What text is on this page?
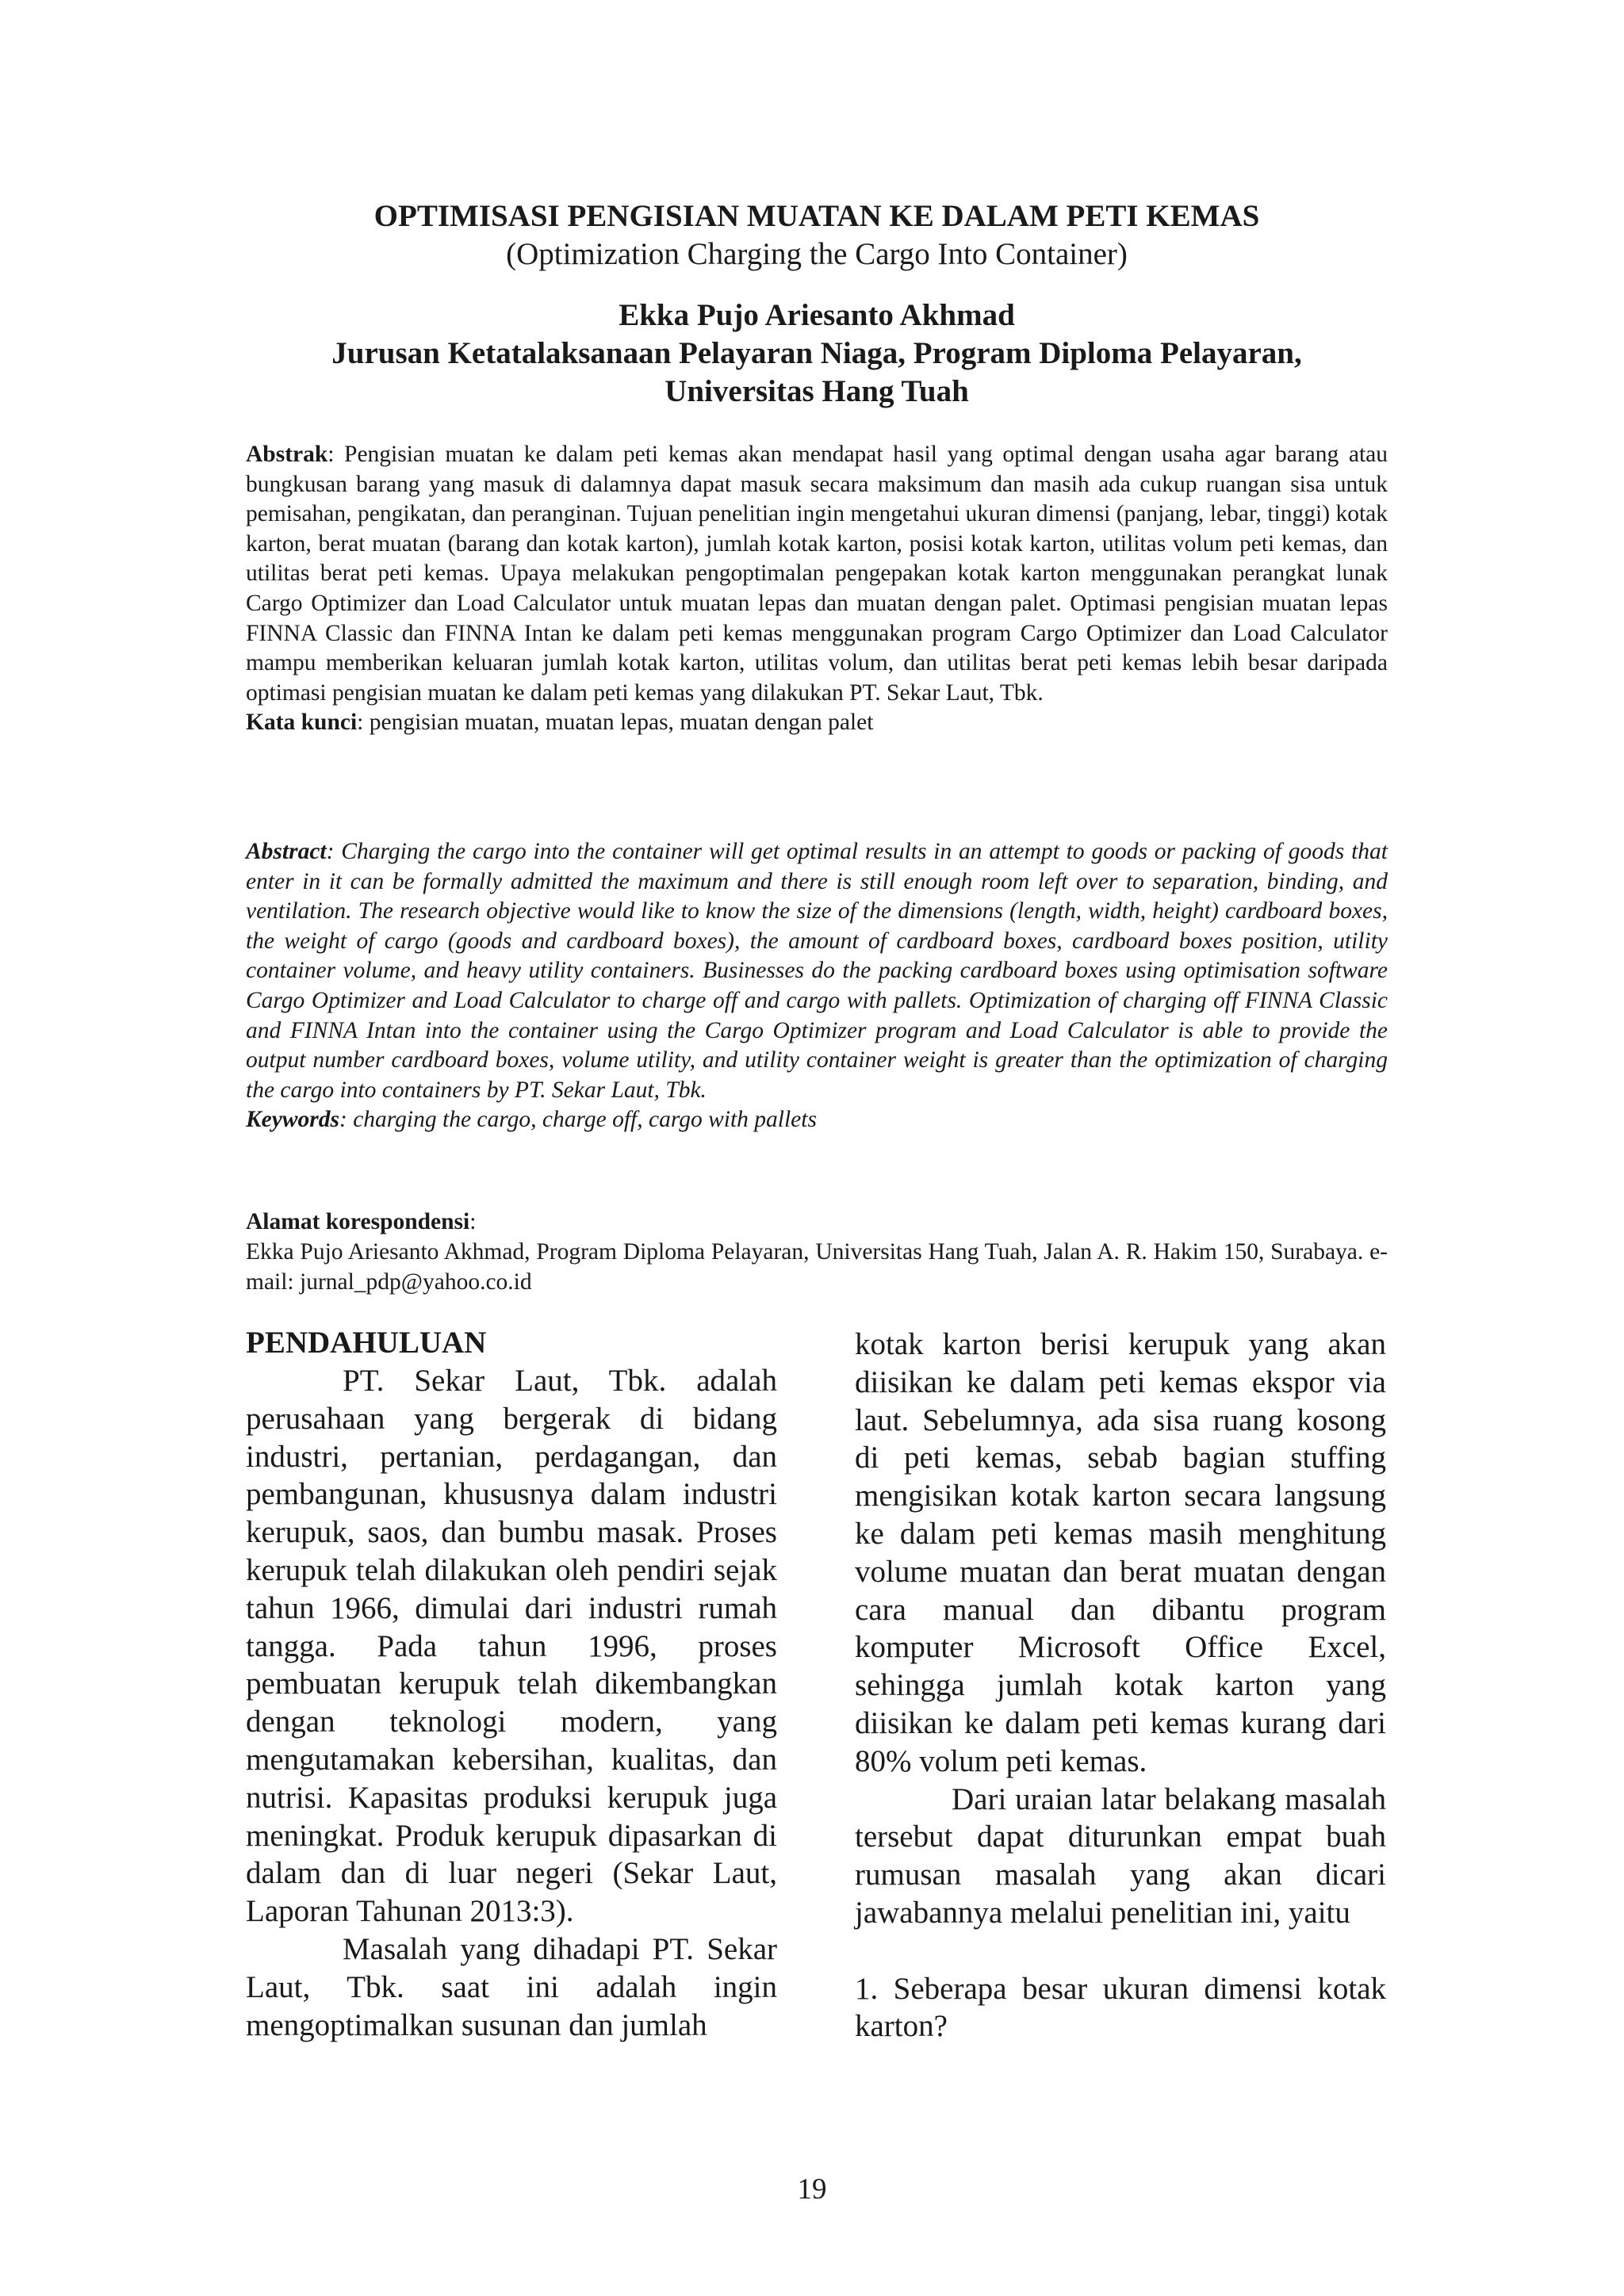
OPTIMISASI PENGISIAN MUATAN KE DALAM PETI KEMAS

(Optimization Charging the Cargo Into Container)

Ekka Pujo Ariesanto Akhmad
Jurusan Ketatalaksanaan Pelayaran Niaga, Program Diploma Pelayaran,
Universitas Hang Tuah

Abstrak: Pengisian muatan ke dalam peti kemas akan mendapat hasil yang optimal dengan usaha agar barang atau bungkusan barang yang masuk di dalamnya dapat masuk secara maksimum dan masih ada cukup ruangan sisa untuk pemisahan, pengikatan, dan peranginan. Tujuan penelitian ingin mengetahui ukuran dimensi (panjang, lebar, tinggi) kotak karton, berat muatan (barang dan kotak karton), jumlah kotak karton, posisi kotak karton, utilitas volum peti kemas, dan utilitas berat peti kemas. Upaya melakukan pengoptimalan pengepakan kotak karton menggunakan perangkat lunak Cargo Optimizer dan Load Calculator untuk muatan lepas dan muatan dengan palet. Optimasi pengisian muatan lepas FINNA Classic dan FINNA Intan ke dalam peti kemas menggunakan program Cargo Optimizer dan Load Calculator mampu memberikan keluaran jumlah kotak karton, utilitas volum, dan utilitas berat peti kemas lebih besar daripada optimasi pengisian muatan ke dalam peti kemas yang dilakukan PT. Sekar Laut, Tbk.

Kata kunci: pengisian muatan, muatan lepas, muatan dengan palet

Abstract: Charging the cargo into the container will get optimal results in an attempt to goods or packing of goods that enter in it can be formally admitted the maximum and there is still enough room left over to separation, binding, and ventilation. The research objective would like to know the size of the dimensions (length, width, height) cardboard boxes, the weight of cargo (goods and cardboard boxes), the amount of cardboard boxes, cardboard boxes position, utility container volume, and heavy utility containers. Businesses do the packing cardboard boxes using optimisation software Cargo Optimizer and Load Calculator to charge off and cargo with pallets. Optimization of charging off FINNA Classic and FINNA Intan into the container using the Cargo Optimizer program and Load Calculator is able to provide the output number cardboard boxes, volume utility, and utility container weight is greater than the optimization of charging the cargo into containers by PT. Sekar Laut, Tbk.

Keywords: charging the cargo, charge off, cargo with pallets

Alamat korespondensi:

Ekka Pujo Ariesanto Akhmad, Program Diploma Pelayaran, Universitas Hang Tuah, Jalan A. R. Hakim 150, Surabaya. e-mail: jurnal_pdp@yahoo.co.id

PENDAHULUAN

PT. Sekar Laut, Tbk. adalah perusahaan yang bergerak di bidang industri, pertanian, perdagangan, dan pembangunan, khususnya dalam industri kerupuk, saos, dan bumbu masak. Proses kerupuk telah dilakukan oleh pendiri sejak tahun 1966, dimulai dari industri rumah tangga. Pada tahun 1996, proses pembuatan kerupuk telah dikembangkan dengan teknologi modern, yang mengutamakan kebersihan, kualitas, dan nutrisi. Kapasitas produksi kerupuk juga meningkat. Produk kerupuk dipasarkan di dalam dan di luar negeri (Sekar Laut, Laporan Tahunan 2013:3).

Masalah yang dihadapi PT. Sekar Laut, Tbk. saat ini adalah ingin mengoptimalkan susunan dan jumlah

kotak karton berisi kerupuk yang akan diisikan ke dalam peti kemas ekspor via laut. Sebelumnya, ada sisa ruang kosong di peti kemas, sebab bagian stuffing mengisikan kotak karton secara langsung ke dalam peti kemas masih menghitung volume muatan dan berat muatan dengan cara manual dan dibantu program komputer Microsoft Office Excel, sehingga jumlah kotak karton yang diisikan ke dalam peti kemas kurang dari 80% volum peti kemas.

Dari uraian latar belakang masalah tersebut dapat diturunkan empat buah rumusan masalah yang akan dicari jawabannya melalui penelitian ini, yaitu

1. Seberapa besar ukuran dimensi kotak karton?

19
